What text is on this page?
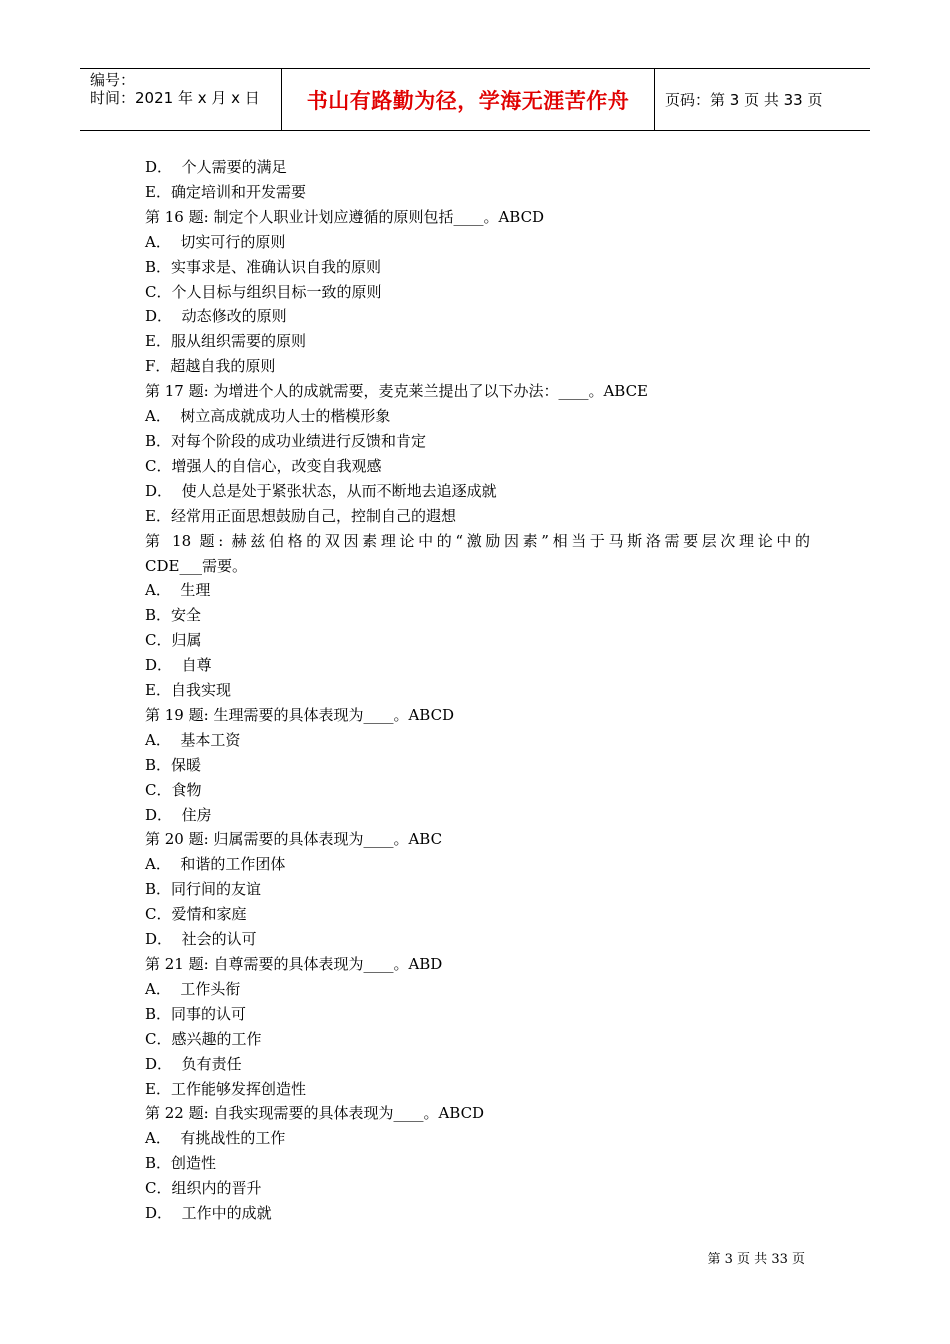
编号：
时间：2021 年 x 月 x 日 书山有路勤为径，学海无涯苦作舟	页码：第 3 页 共 33 页
D．  个人需要的满足
E．确定培训和开发需要
第 16 题: 制定个人职业计划应遵循的原则包括____。ABCD
A．  切实可行的原则
B．实事求是、准确认识自我的原则
C．个人目标与组织目标一致的原则
D．  动态修改的原则
E．服从组织需要的原则
F．超越自我的原则
第 17 题: 为增进个人的成就需要，麦克莱兰提出了以下办法：____。ABCE
A．  树立高成就成功人士的楷模形象
B．对每个阶段的成功业绩进行反馈和肯定
C．增强人的自信心，改变自我观感
D．  使人总是处于紧张状态，从而不断地去追逐成就
E．经常用正面思想鼓励自己，控制自己的遐想
第 18 题: 赫兹伯格的双因素理论中的“激励因素”相当于马斯洛需要层次理论中的
CDE___需要。
A．  生理
B．安全
C．归属
D．  自尊
E．自我实现
第 19 题: 生理需要的具体表现为____。ABCD
A．  基本工资
B．保暖
C．食物
D．  住房
第 20 题: 归属需要的具体表现为____。ABC
A．  和谐的工作团体
B．同行间的友谊
C．爱情和家庭
D．  社会的认可
第 21 题: 自尊需要的具体表现为____。ABD
A．  工作头衔
B．同事的认可
C．感兴趣的工作
D．  负有责任
E．工作能够发挥创造性
第 22 题: 自我实现需要的具体表现为____。ABCD
A．  有挑战性的工作
B．创造性
C．组织内的晋升
D．  工作中的成就
第 3 页 共 33 页
